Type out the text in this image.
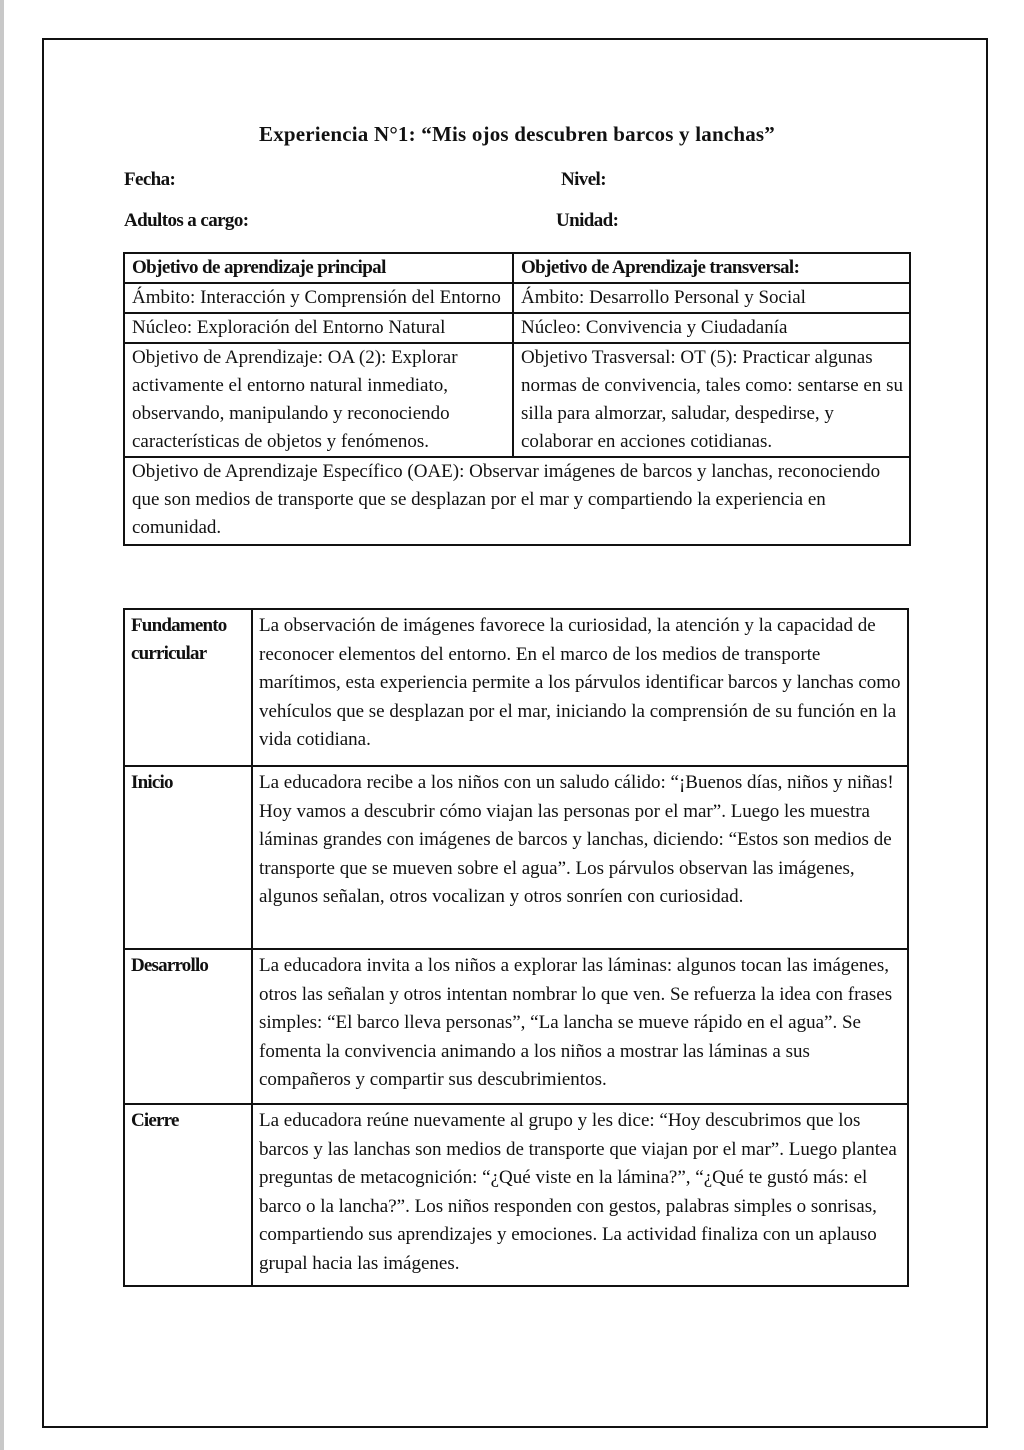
Experiencia N°1: “Mis ojos descubren barcos y lanchas”
Fecha:	Nivel:
Adultos a cargo:	Unidad:
Objetivo de aprendizaje principal	Objetivo de Aprendizaje transversal:
Ámbito: Interacción y Comprensión del Entorno	Ámbito: Desarrollo Personal y Social
Núcleo: Exploración del Entorno Natural	Núcleo: Convivencia y Ciudadanía
Objetivo de Aprendizaje: OA (2): Explorar activamente el entorno natural inmediato, observando, manipulando y reconociendo características de objetos y fenómenos.	Objetivo Trasversal: OT (5): Practicar algunas normas de convivencia, tales como: sentarse en su silla para almorzar, saludar, despedirse, y colaborar en acciones cotidianas.
Objetivo de Aprendizaje Específico (OAE): Observar imágenes de barcos y lanchas, reconociendo que son medios de transporte que se desplazan por el mar y compartiendo la experiencia en comunidad.	
Fundamento curricular	La observación de imágenes favorece la curiosidad, la atención y la capacidad de reconocer elementos del entorno. En el marco de los medios de transporte marítimos, esta experiencia permite a los párvulos identificar barcos y lanchas como vehículos que se desplazan por el mar, iniciando la comprensión de su función en la vida cotidiana.
Inicio	La educadora recibe a los niños con un saludo cálido: “¡Buenos días, niños y niñas! Hoy vamos a descubrir cómo viajan las personas por el mar”. Luego les muestra láminas grandes con imágenes de barcos y lanchas, diciendo: “Estos son medios de transporte que se mueven sobre el agua”. Los párvulos observan las imágenes, algunos señalan, otros vocalizan y otros sonríen con curiosidad.
Desarrollo	La educadora invita a los niños a explorar las láminas: algunos tocan las imágenes, otros las señalan y otros intentan nombrar lo que ven. Se refuerza la idea con frases simples: “El barco lleva personas”, “La lancha se mueve rápido en el agua”. Se fomenta la convivencia animando a los niños a mostrar las láminas a sus compañeros y compartir sus descubrimientos.
Cierre	La educadora reúne nuevamente al grupo y les dice: “Hoy descubrimos que los barcos y las lanchas son medios de transporte que viajan por el mar”. Luego plantea preguntas de metacognición: “¿Qué viste en la lámina?”, “¿Qué te gustó más: el barco o la lancha?”. Los niños responden con gestos, palabras simples o sonrisas, compartiendo sus aprendizajes y emociones. La actividad finaliza con un aplauso grupal hacia las imágenes.
